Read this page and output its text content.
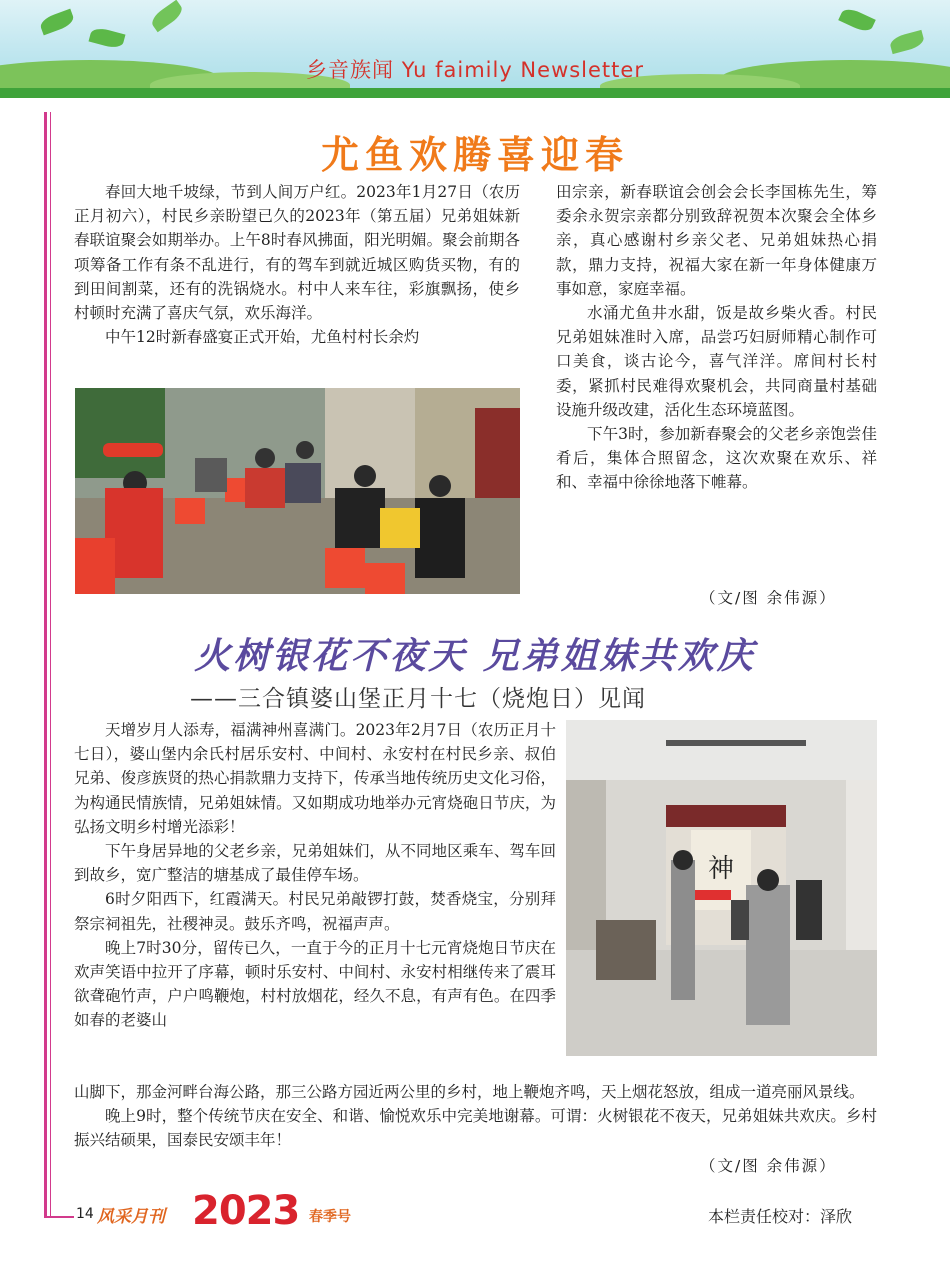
乡音族闻 Yu faimily Newsletter
尤鱼欢腾喜迎春

春回大地千坡绿，节到人间万户红。2023年1月27日（农历正月初六），村民乡亲盼望已久的2023年（第五届）兄弟姐妹新春联谊聚会如期举办。上午8时春风拂面，阳光明媚。聚会前期各项筹备工作有条不乱进行，有的驾车到就近城区购货买物，有的到田间割菜，还有的洗锅烧水。村中人来车往，彩旗飘扬，使乡村顿时充满了喜庆气氛，欢乐海洋。

中午12时新春盛宴正式开始，尤鱼村村长余灼

田宗亲，新春联谊会创会会长李国栋先生，筹委余永贺宗亲都分别致辞祝贺本次聚会全体乡亲，真心感谢村乡亲父老、兄弟姐妹热心捐款，鼎力支持，祝福大家在新一年身体健康万事如意，家庭幸福。

水涌尤鱼井水甜，饭是故乡柴火香。村民兄弟姐妹准时入席，品尝巧妇厨师精心制作可口美食，谈古论今，喜气洋洋。席间村长村委，紧抓村民难得欢聚机会，共同商量村基础设施升级改建，活化生态环境蓝图。

下午3时，参加新春聚会的父老乡亲饱尝佳肴后，集体合照留念，这次欢聚在欢乐、祥和、幸福中徐徐地落下帷幕。

（文/图 余伟源）
火树银花不夜天 兄弟姐妹共欢庆
——三合镇婆山堡正月十七（烧炮日）见闻

天增岁月人添寿，福满神州喜满门。2023年2月7日（农历正月十七日），婆山堡内余氏村居乐安村、中间村、永安村在村民乡亲、叔伯兄弟、俊彦族贤的热心捐款鼎力支持下，传承当地传统历史文化习俗，为构通民情族情，兄弟姐妹情。又如期成功地举办元宵烧砲日节庆，为弘扬文明乡村增光添彩！

下午身居异地的父老乡亲，兄弟姐妹们，从不同地区乘车、驾车回到故乡，宽广整洁的塘基成了最佳停车场。

6时夕阳西下，红霞满天。村民兄弟敲锣打鼓，焚香烧宝，分别拜祭宗祠祖先，社稷神灵。鼓乐齐鸣，祝福声声。

晚上7时30分，留传已久，一直于今的正月十七元宵烧炮日节庆在欢声笑语中拉开了序幕，顿时乐安村、中间村、永安村相继传来了震耳欲聋砲竹声，户户鸣鞭炮，村村放烟花，经久不息，有声有色。在四季如春的老婆山

神

山脚下，那金河畔台海公路，那三公路方园近两公里的乡村，地上鞭炮齐鸣，天上烟花怒放，组成一道亮丽风景线。

晚上9时，整个传统节庆在安全、和谐、愉悦欢乐中完美地谢幕。可谓：火树银花不夜天，兄弟姐妹共欢庆。乡村振兴结硕果，国泰民安颂丰年！

（文/图 余伟源）
14 风采月刊 2023 春季号	本栏责任校对：泽欣
